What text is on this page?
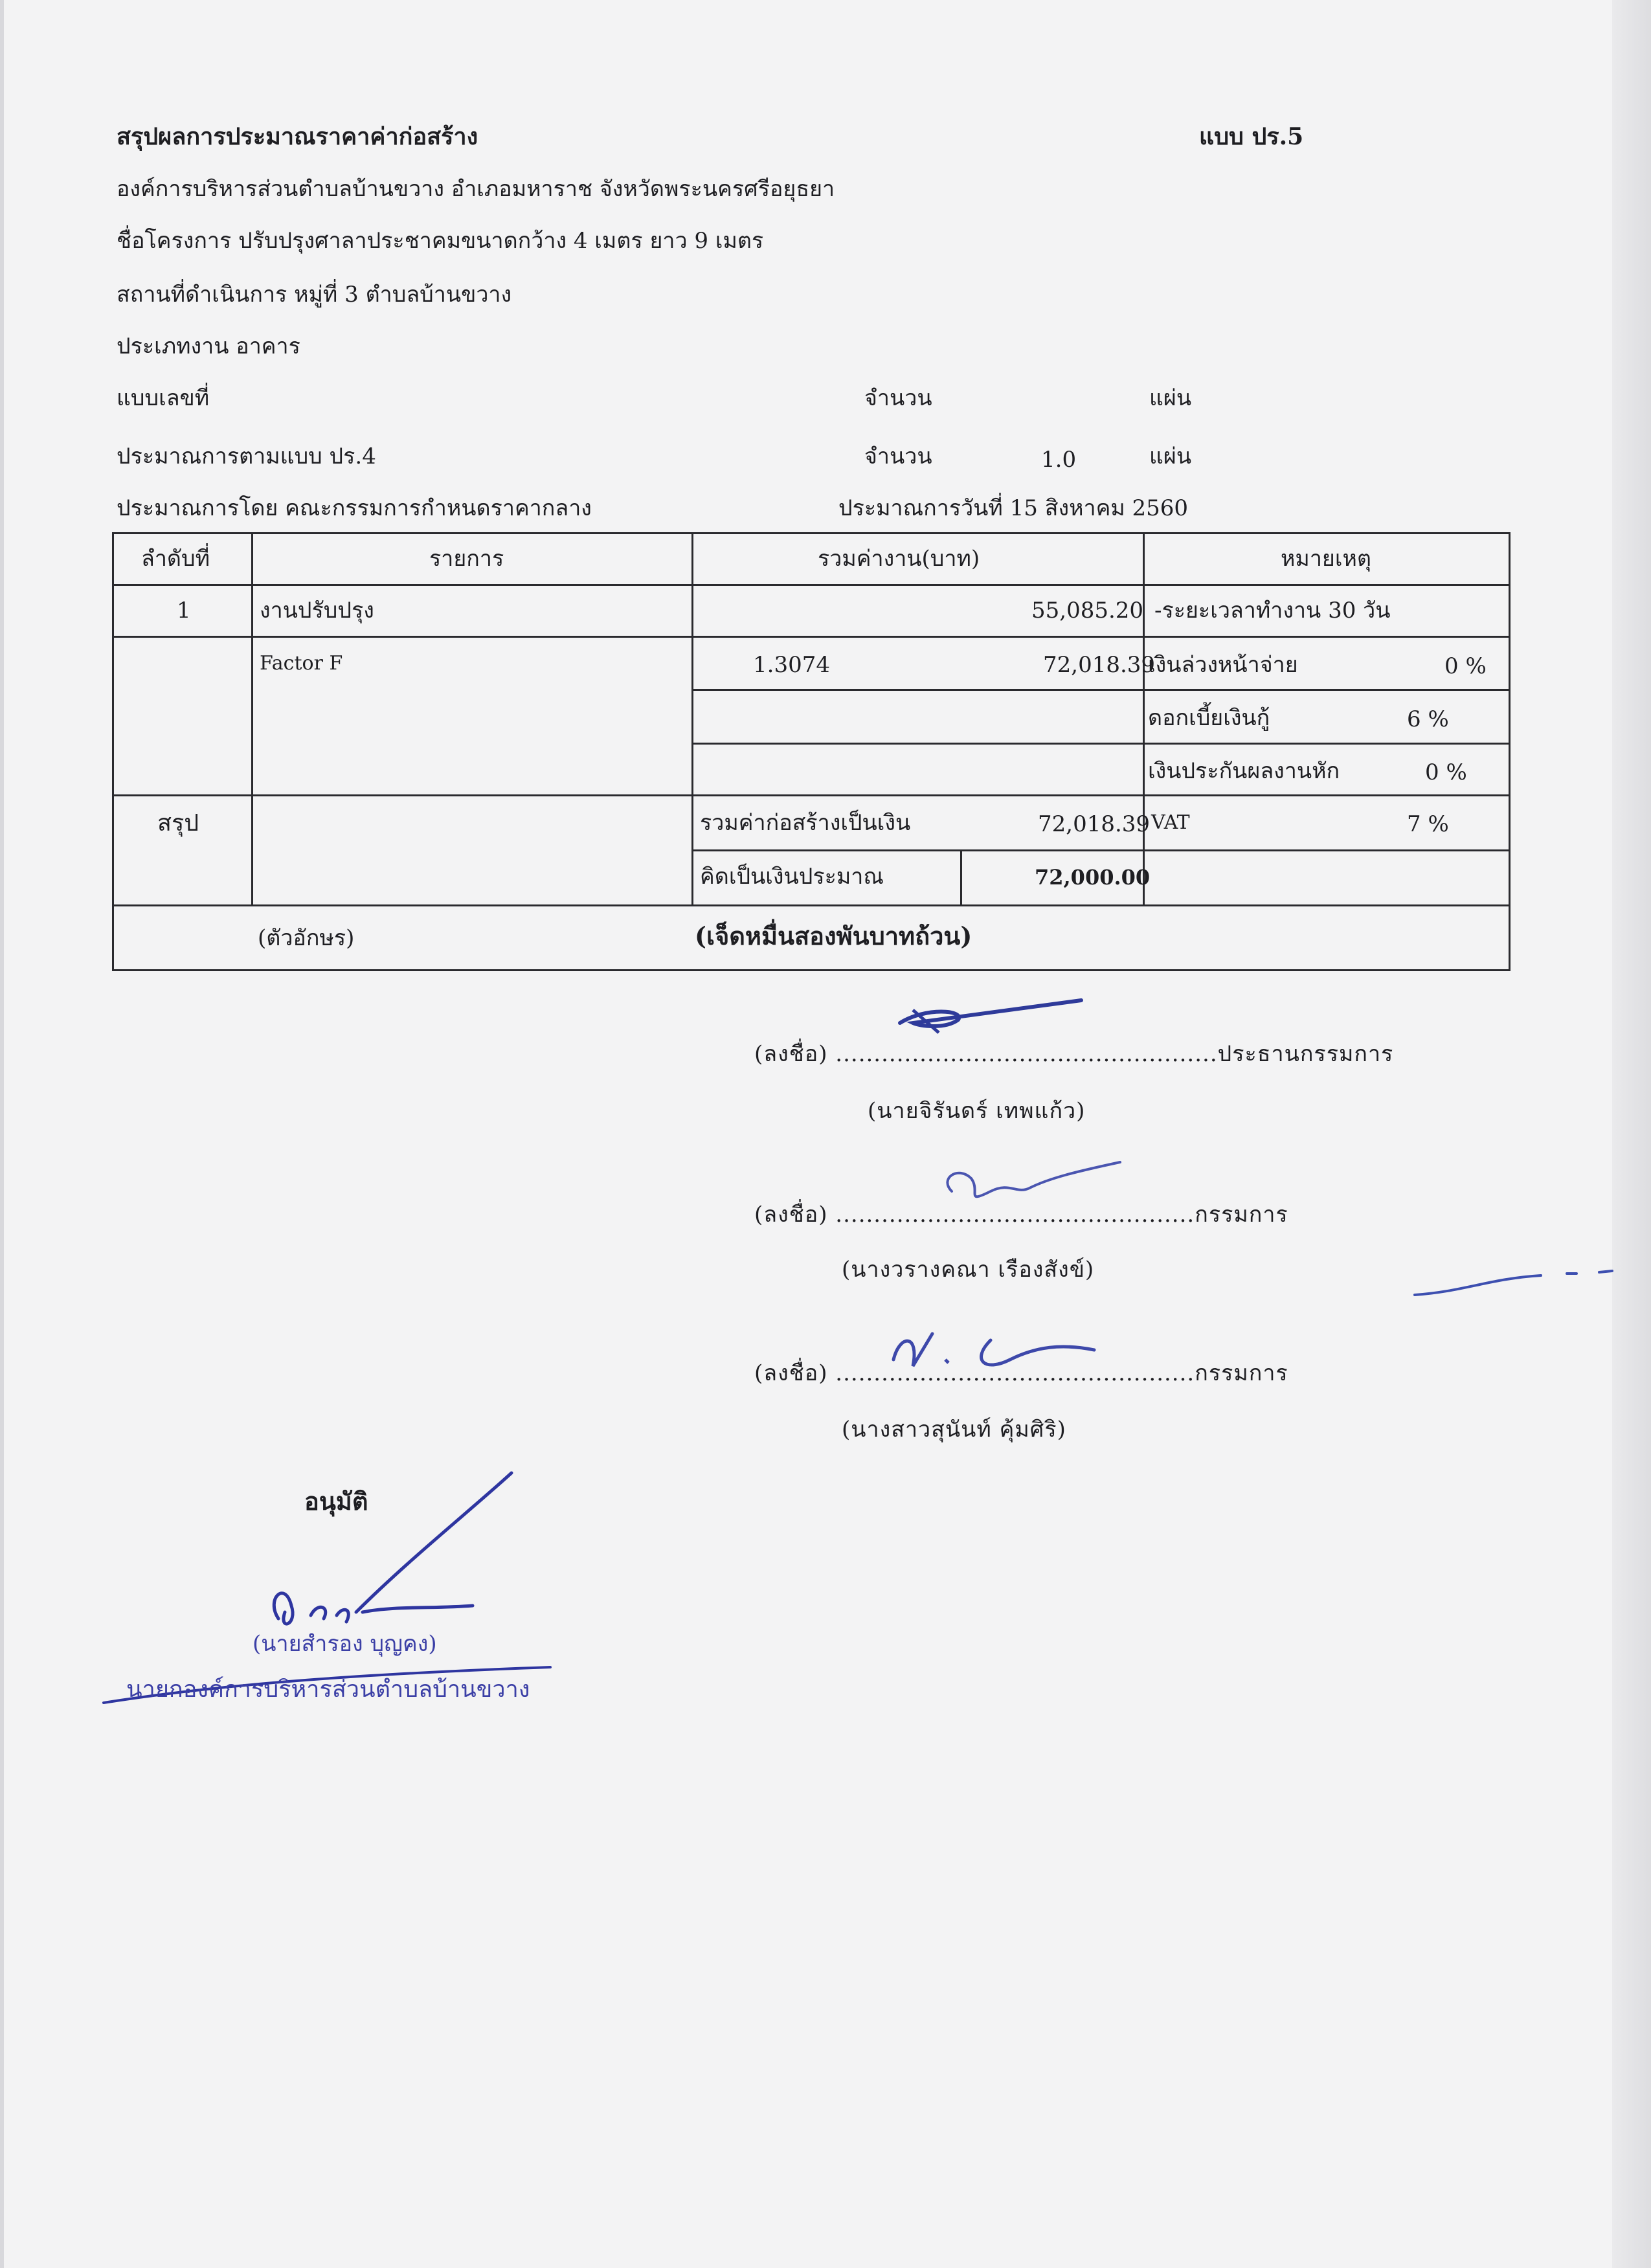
สรุปผลการประมาณราคาค่าก่อสร้าง	แบบ ปร.5
องค์การบริหารส่วนตำบลบ้านขวาง อำเภอมหาราช จังหวัดพระนครศรีอยุธยา
ชื่อโครงการ ปรับปรุงศาลาประชาคมขนาดกว้าง 4 เมตร ยาว 9 เมตร
สถานที่ดำเนินการ หมู่ที่ 3 ตำบลบ้านขวาง
ประเภทงาน อาคาร
แบบเลขที่	จำนวน	แผ่น
ประมาณการตามแบบ ปร.4	จำนวน	1.0	แผ่น
ประมาณการโดย คณะกรรมการกำหนดราคากลาง	ประมาณการวันที่ 15 สิงหาคม 2560
ลำดับที่	รายการ	รวมค่างาน(บาท)	หมายเหตุ
1	งานปรับปรุง	55,085.20 -ระยะเวลาทำงาน 30 วัน
Factor F	1.3074	72,018.39
เงินล่วงหน้าจ่าย	0 %
ดอกเบี้ยเงินกู้	6 %
เงินประกันผลงานหัก	0 %
สรุป	รวมค่าก่อสร้างเป็นเงิน	72,018.39 VAT	7 %
คิดเป็นเงินประมาณ	72,000.00
(ตัวอักษร)	(เจ็ดหมื่นสองพันบาทถ้วน)
(ลงชื่อ) ..................................................ประธานกรรมการ
(นายจิรันดร์ เทพแก้ว)
(ลงชื่อ) ...............................................กรรมการ
(นางวรางคณา เรืองสังข์)
(ลงชื่อ) ...............................................กรรมการ
(นางสาวสุนันท์ คุ้มศิริ)
อนุมัติ
(นายสำรอง บุญคง)
นายกองค์การบริหารส่วนตำบลบ้านขวาง
